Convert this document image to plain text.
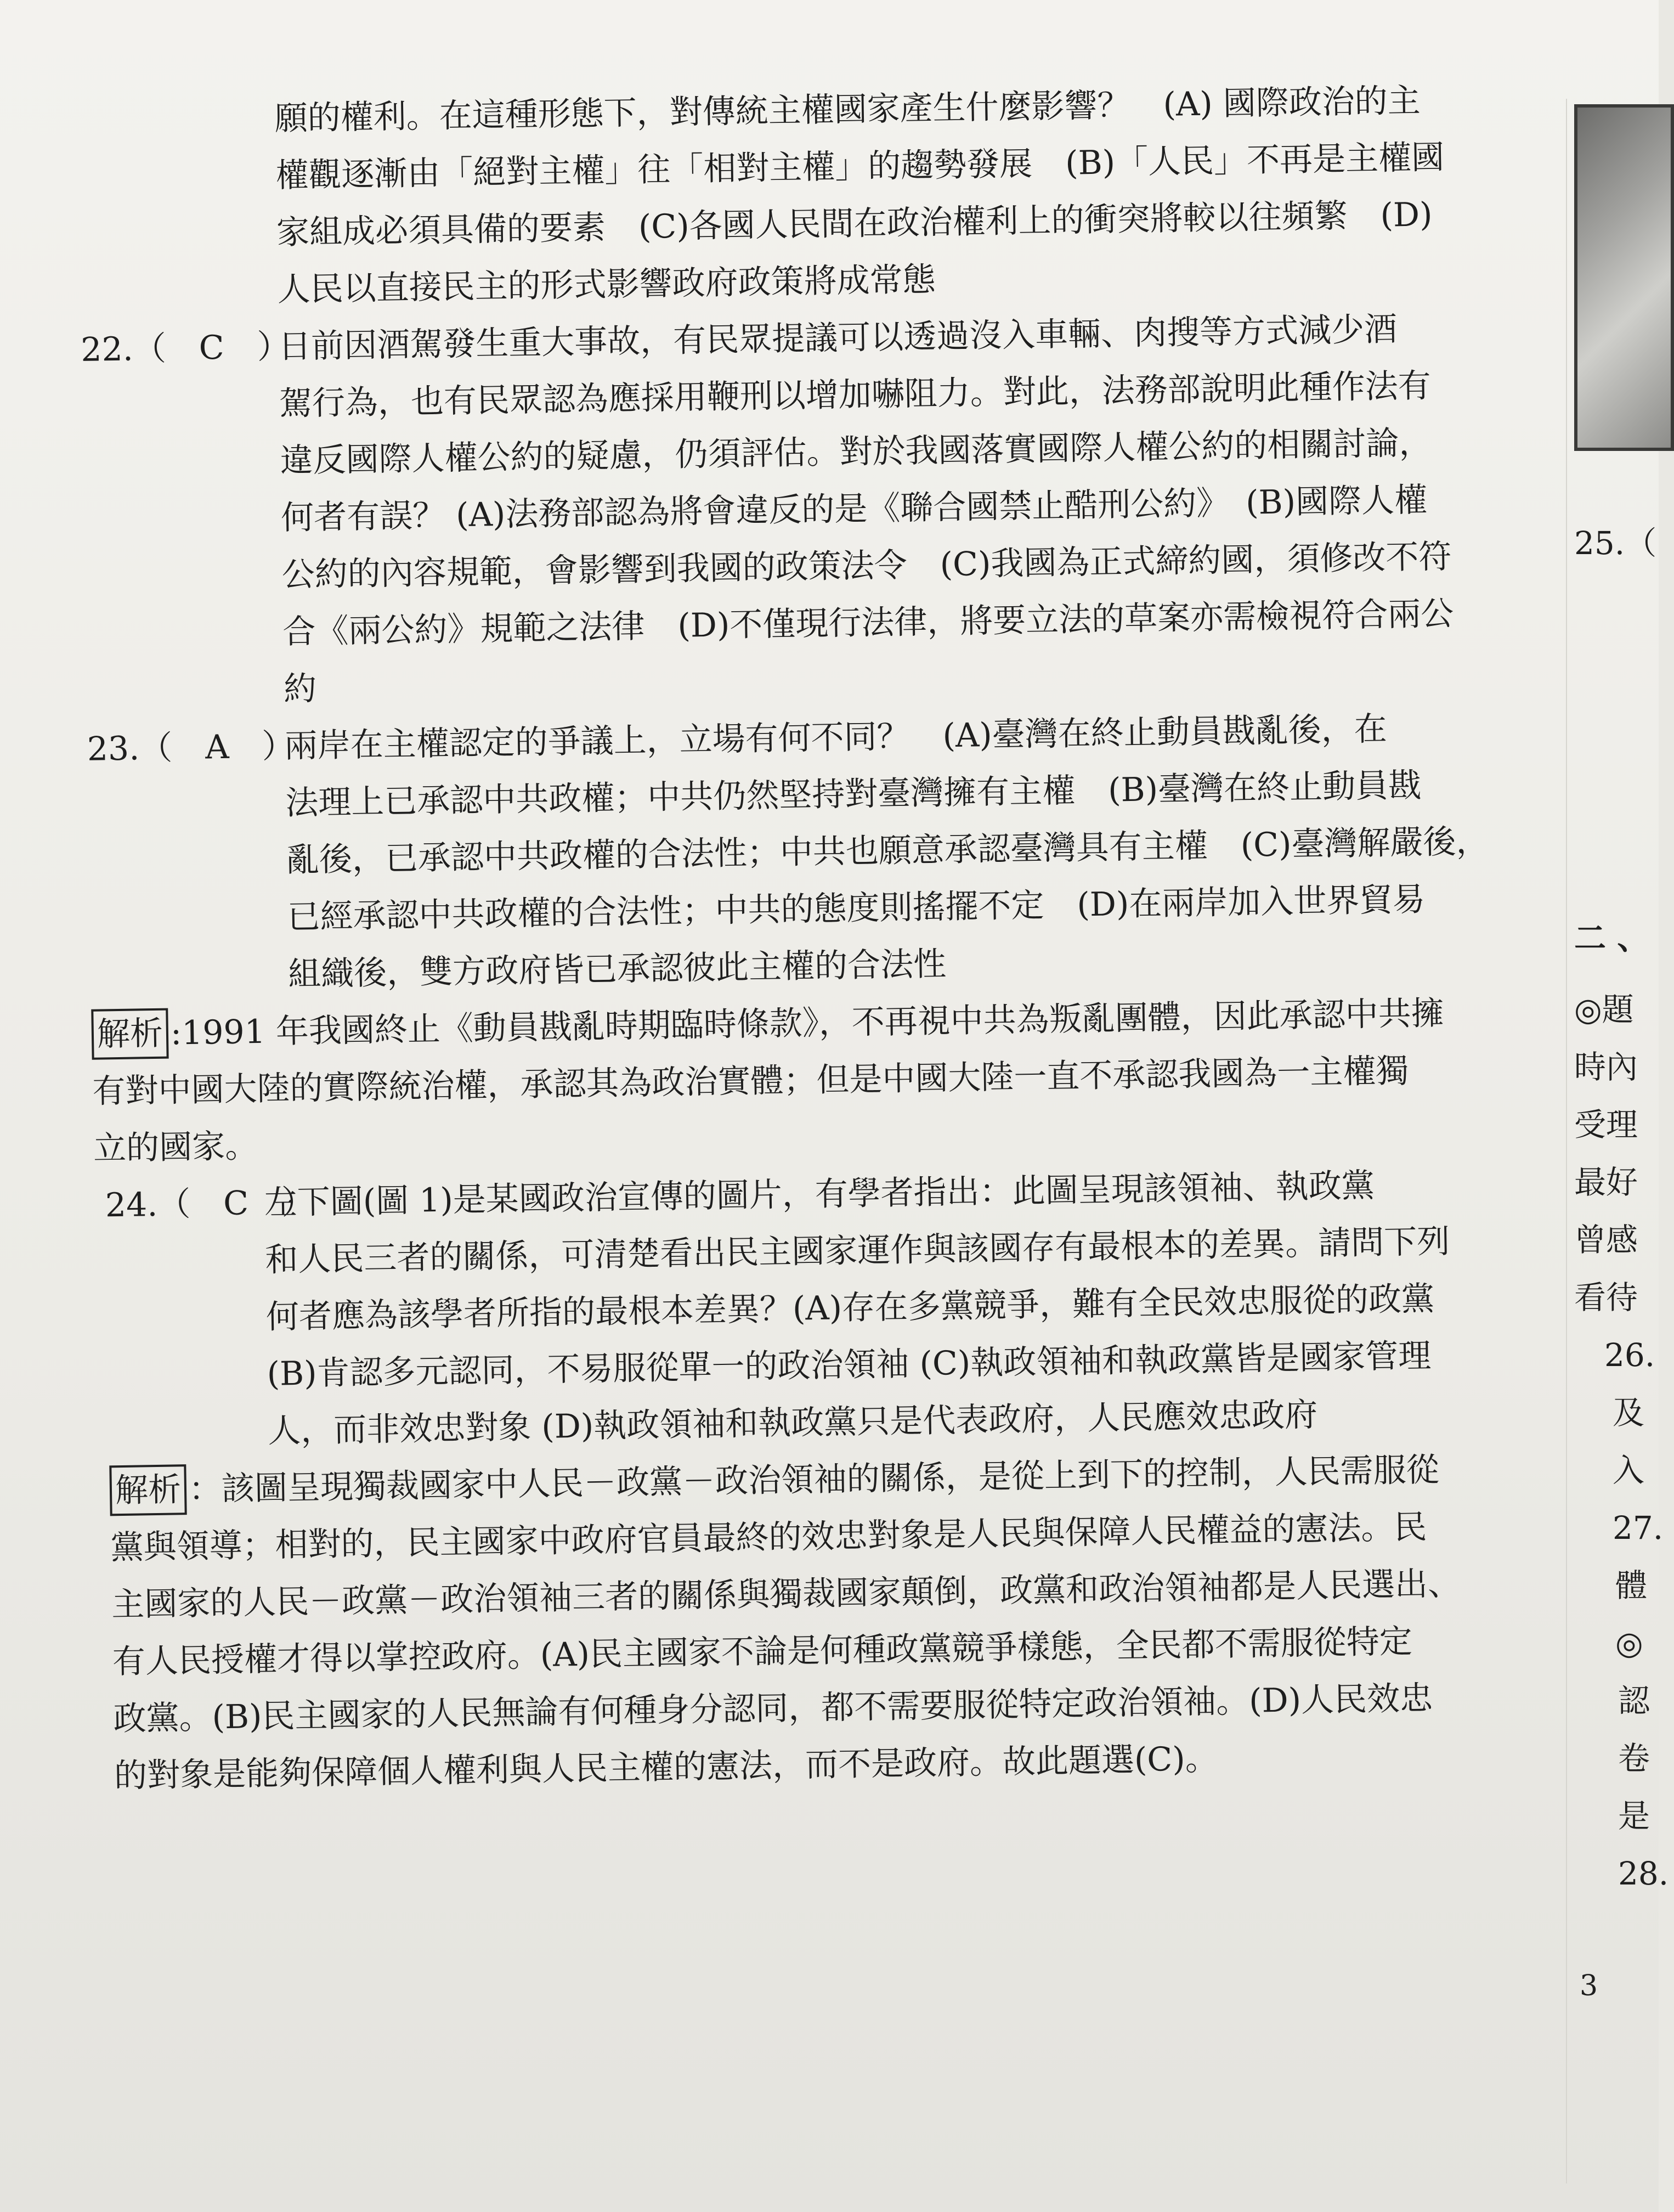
願的權利。在這種形態下，對傳統主權國家產生什麼影響？　(A) 國際政治的主
權觀逐漸由「絕對主權」往「相對主權」的趨勢發展　(B)「人民」不再是主權國
家組成必須具備的要素　(C)各國人民間在政治權利上的衝突將較以往頻繁　(D)
人民以直接民主的形式影響政府政策將成常態
22.（　C　）
日前因酒駕發生重大事故，有民眾提議可以透過沒入車輛、肉搜等方式減少酒
駕行為，也有民眾認為應採用鞭刑以增加嚇阻力。對此，法務部說明此種作法有
違反國際人權公約的疑慮，仍須評估。對於我國落實國際人權公約的相關討論，
何者有誤？ (A)法務部認為將會違反的是《聯合國禁止酷刑公約》　(B)國際人權
公約的內容規範，會影響到我國的政策法令　(C)我國為正式締約國，須修改不符
合《兩公約》規範之法律　(D)不僅現行法律，將要立法的草案亦需檢視符合兩公
約
23.（　A　）
兩岸在主權認定的爭議上，立場有何不同？　(A)臺灣在終止動員戡亂後，在
法理上已承認中共政權；中共仍然堅持對臺灣擁有主權　(B)臺灣在終止動員戡
亂後，已承認中共政權的合法性；中共也願意承認臺灣具有主權　(C)臺灣解嚴後，
已經承認中共政權的合法性；中共的態度則搖擺不定　(D)在兩岸加入世界貿易
組織後，雙方政府皆已承認彼此主權的合法性
解析 :1991 年我國終止《動員戡亂時期臨時條款》，不再視中共為叛亂團體，因此承認中共擁
有對中國大陸的實際統治權，承認其為政治實體；但是中國大陸一直不承認我國為一主權獨
立的國家。
24.（　C　）
左下圖(圖 1)是某國政治宣傳的圖片，有學者指出：此圖呈現該領袖、執政黨
和人民三者的關係，可清楚看出民主國家運作與該國存有最根本的差異。請問下列
何者應為該學者所指的最根本差異？(A)存在多黨競爭，難有全民效忠服從的政黨
(B)肯認多元認同，不易服從單一的政治領袖 (C)執政領袖和執政黨皆是國家管理
人，而非效忠對象 (D)執政領袖和執政黨只是代表政府，人民應效忠政府
解析 ：該圖呈現獨裁國家中人民－政黨－政治領袖的關係，是從上到下的控制，人民需服從
黨與領導；相對的，民主國家中政府官員最終的效忠對象是人民與保障人民權益的憲法。民
主國家的人民－政黨－政治領袖三者的關係與獨裁國家顛倒，政黨和政治領袖都是人民選出、
有人民授權才得以掌控政府。(A)民主國家不論是何種政黨競爭樣態，全民都不需服從特定
政黨。(B)民主國家的人民無論有何種身分認同，都不需要服從特定政治領袖。(D)人民效忠
的對象是能夠保障個人權利與人民主權的憲法，而不是政府。故此題選(C)。
25.（
二 、
◎題
時內
受理
最好
曾感
看待
26.
及
入
27.
體
◎
認
卷
是
28.
3
